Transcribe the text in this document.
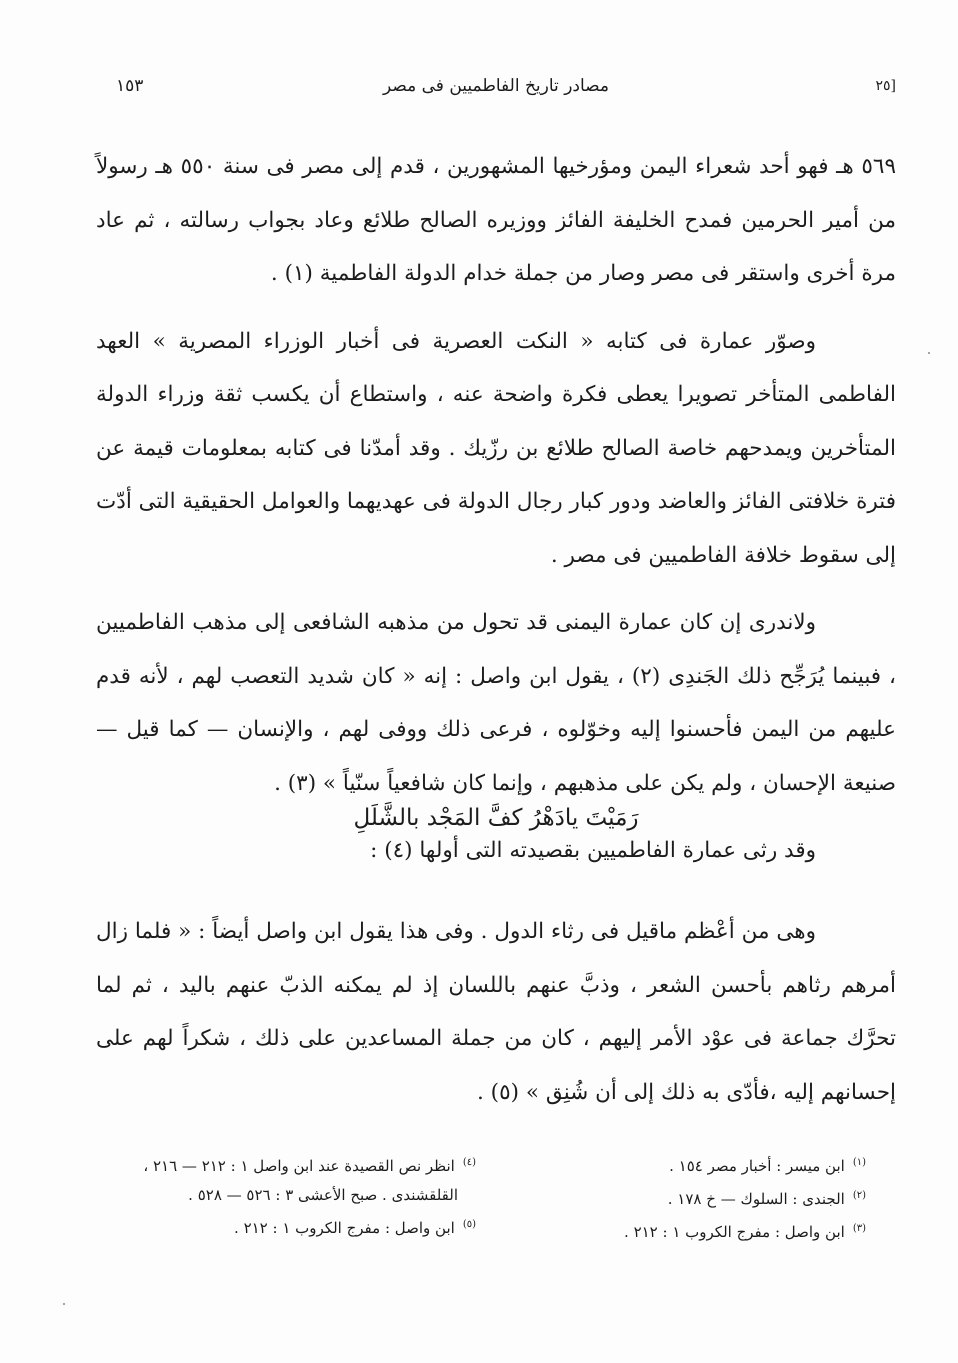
[٢٥
مصادر تاريخ الفاطميين فى مصر
١٥٣

٥٦٩ هـ فهو أحد شعراء اليمن ومؤرخيها المشهورين ، قدم إلى مصر فى سنة ٥٥٠ هـ رسولاً من أمير الحرمين فمدح الخليفة الفائز ووزيره الصالح طلائع وعاد بجواب رسالته ، ثم عاد مرة أخرى واستقر فى مصر وصار من جملة خدام الدولة الفاطمية (١) .

وصوّر عمارة فى كتابه « النكت العصرية فى أخبار الوزراء المصرية » العهد الفاطمى المتأخر تصويرا يعطى فكرة واضحة عنه ، واستطاع أن يكسب ثقة وزراء الدولة المتأخرين ويمدحهم خاصة الصالح طلائع بن رزّيك . وقد أمدّنا فى كتابه بمعلومات قيمة عن فترة خلافتى الفائز والعاضد ودور كبار رجال الدولة فى عهديهما والعوامل الحقيقية التى أدّت إلى سقوط خلافة الفاطميين فى مصر .

ولاندرى إن كان عمارة اليمنى قد تحول من مذهبه الشافعى إلى مذهب الفاطميين ، فبينما يُرَجِّح ذلك الجَندِى (٢) ، يقول ابن واصل : إنه « كان شديد التعصب لهم ، لأنه قدم عليهم من اليمن فأحسنوا إليه وخوّلوه ، فرعى ذلك ووفى لهم ، والإنسان — كما قيل — صنيعة الإحسان ، ولم يكن على مذهبهم ، وإنما كان شافعياً سنّياً » (٣) .

وقد رثى عمارة الفاطميين بقصيدته التى أولها (٤) :

رَمَيْتَ يادَهْرُ كفَّ المَجْد بالشَّلَلِ

وهى من أعْظم ماقيل فى رثاء الدول . وفى هذا يقول ابن واصل أيضاً : « فلما زال أمرهم رثاهم بأحسن الشعر ، وذبَّ عنهم باللسان إذ لم يمكنه الذبّ عنهم باليد ، ثم لما تحرَّك جماعة فى عوْد الأمر إليهم ، كان من جملة المساعدين على ذلك ، شكراً لهم على إحسانهم إليه ،فأدّى به ذلك إلى أن شُنِق » (٥) .

$^{(١)}$ابن ميسر : أخبار مصر ١٥٤ .
$^{(٢)}$الجندى : السلوك — خ ١٧٨ .
$^{(٣)}$ابن واصل : مفرج الكروب ١ : ٢١٢ .
$^{(٤)}$انظر نص القصيدة عند ابن واصل ١ : ٢١٢ — ٢١٦ ،
القلقشندى . صبح الأعشى ٣ : ٥٢٦ — ٥٢٨ .
$^{(٥)}$ابن واصل : مفرج الكروب ١ : ٢١٢ .
